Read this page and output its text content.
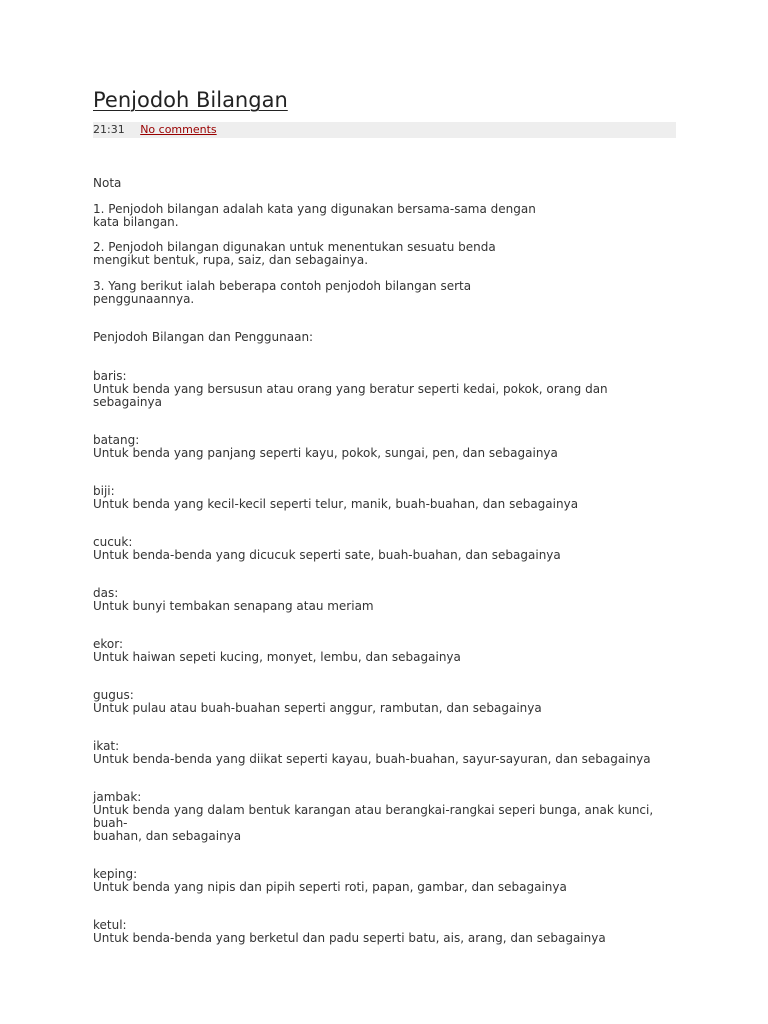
Penjodoh Bilangan
21:31 No comments

Nota

1. Penjodoh bilangan adalah kata yang digunakan bersama-sama dengan
kata bilangan.

2. Penjodoh bilangan digunakan untuk menentukan sesuatu benda
mengikut bentuk, rupa, saiz, dan sebagainya.

3. Yang berikut ialah beberapa contoh penjodoh bilangan serta
penggunaannya.

Penjodoh Bilangan dan Penggunaan:

baris:
Untuk benda yang bersusun atau orang yang beratur seperti kedai, pokok, orang dan sebagainya
batang:
Untuk benda yang panjang seperti kayu, pokok, sungai, pen, dan sebagainya
biji:
Untuk benda yang kecil-kecil seperti telur, manik, buah-buahan, dan sebagainya
cucuk:
Untuk benda-benda yang dicucuk seperti sate, buah-buahan, dan sebagainya
das:
Untuk bunyi tembakan senapang atau meriam
ekor:
Untuk haiwan sepeti kucing, monyet, lembu, dan sebagainya
gugus:
Untuk pulau atau buah-buahan seperti anggur, rambutan, dan sebagainya
ikat:
Untuk benda-benda yang diikat seperti kayau, buah-buahan, sayur-sayuran, dan sebagainya
jambak:
Untuk benda yang dalam bentuk karangan atau berangkai-rangkai seperi bunga, anak kunci, buah-
buahan, dan sebagainya
keping:
Untuk benda yang nipis dan pipih seperti roti, papan, gambar, dan sebagainya
ketul:
Untuk benda-benda yang berketul dan padu seperti batu, ais, arang, dan sebagainya
